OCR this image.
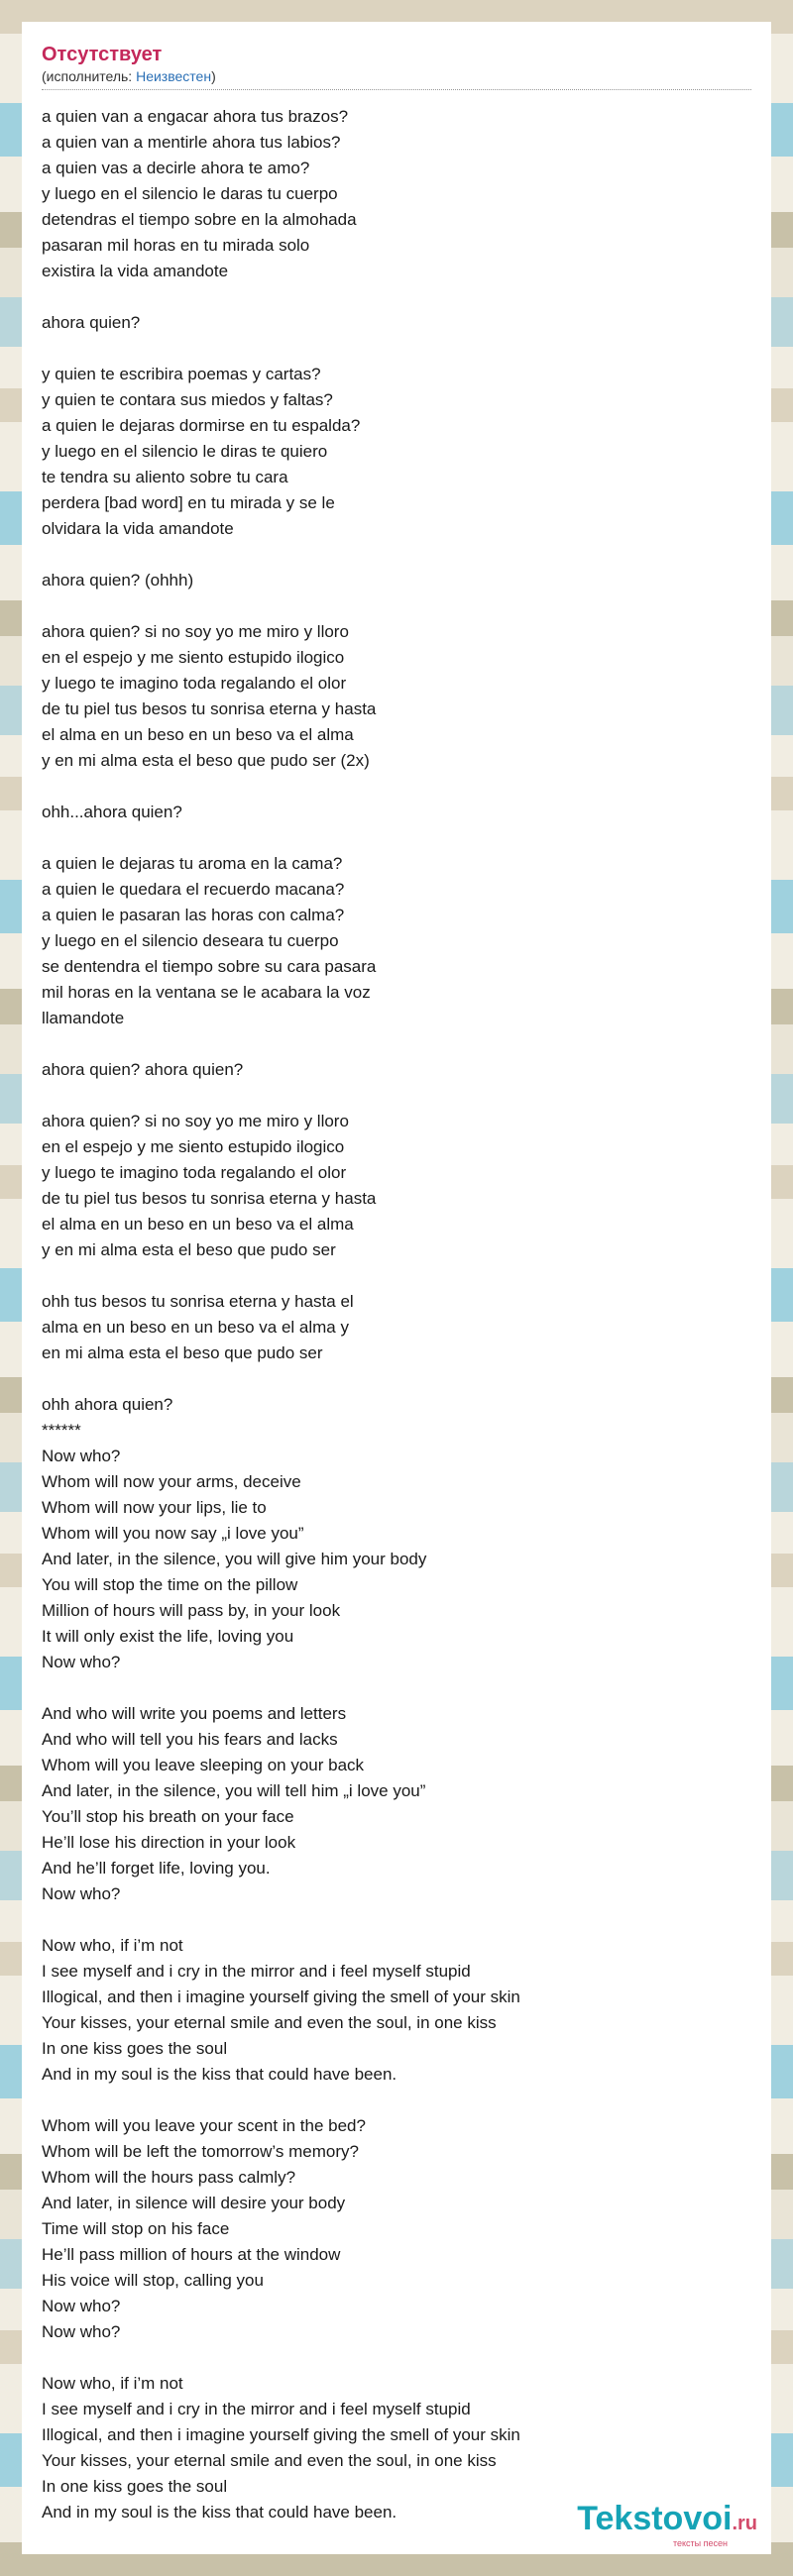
Отсутствует
(исполнитель: Неизвестен)
a quien van a engacar ahora tus brazos?
a quien van a mentirle ahora tus labios?
a quien vas a decirle ahora te amo?
y luego en el silencio le daras tu cuerpo
detendras el tiempo sobre en la almohada
pasaran mil horas en tu mirada solo
existira la vida amandote
ahora quien?
y quien te escribira poemas y cartas?
y quien te contara sus miedos y faltas?
a quien le dejaras dormirse en tu espalda?
y luego en el silencio le diras te quiero
te tendra su aliento sobre tu cara
perdera [bad word] en tu mirada y se le
olvidara la vida amandote
ahora quien? (ohhh)
ahora quien? si no soy yo me miro y lloro
en el espejo y me siento estupido ilogico
y luego te imagino toda regalando el olor
de tu piel tus besos tu sonrisa eterna y hasta
el alma en un beso en un beso va el alma
y en mi alma esta el beso que pudo ser (2x)
ohh...ahora quien?
a quien le dejaras tu aroma en la cama?
a quien le quedara el recuerdo macana?
a quien le pasaran las horas con calma?
y luego en el silencio deseara tu cuerpo
se dentendra el tiempo sobre su cara pasara
mil horas en la ventana se le acabara la voz
llamandote
ahora quien? ahora quien?
ahora quien? si no soy yo me miro y lloro
en el espejo y me siento estupido ilogico
y luego te imagino toda regalando el olor
de tu piel tus besos tu sonrisa eterna y hasta
el alma en un beso en un beso va el alma
y en mi alma esta el beso que pudo ser
ohh tus besos tu sonrisa eterna y hasta el
alma en un beso en un beso va el alma y
en mi alma esta el beso que pudo ser
ohh ahora quien?
******
Now who?
Whom will now your arms, deceive
Whom will now your lips, lie to
Whom will you now say „i love you”
And later, in the silence, you will give him your body
You will stop the time on the pillow
Million of hours will pass by, in your look
It will only exist the life, loving you
Now who?
And who will write you poems and letters
And who will tell you his fears and lacks
Whom will you leave sleeping on your back
And later, in the silence, you will tell him „i love you”
You’ll stop his breath on your face
He’ll lose his direction in your look
And he’ll forget life, loving you.
Now who?
Now who, if i’m not
I see myself and i cry in the mirror and i feel myself stupid
Illogical, and then i imagine yourself giving the smell of your skin
Your kisses, your eternal smile and even the soul, in one kiss
In one kiss goes the soul
And in my soul is the kiss that could have been.
Whom will you leave your scent in the bed?
Whom will be left the tomorrow’s memory?
Whom will the hours pass calmly?
And later, in silence will desire your body
Time will stop on his face
He’ll pass million of hours at the window
His voice will stop, calling you
Now who?
Now who?
Now who, if i’m not
I see myself and i cry in the mirror and i feel myself stupid
Illogical, and then i imagine yourself giving the smell of your skin
Your kisses, your eternal smile and even the soul, in one kiss
In one kiss goes the soul
And in my soul is the kiss that could have been.	Tekstovoi.ru
тексты песен
